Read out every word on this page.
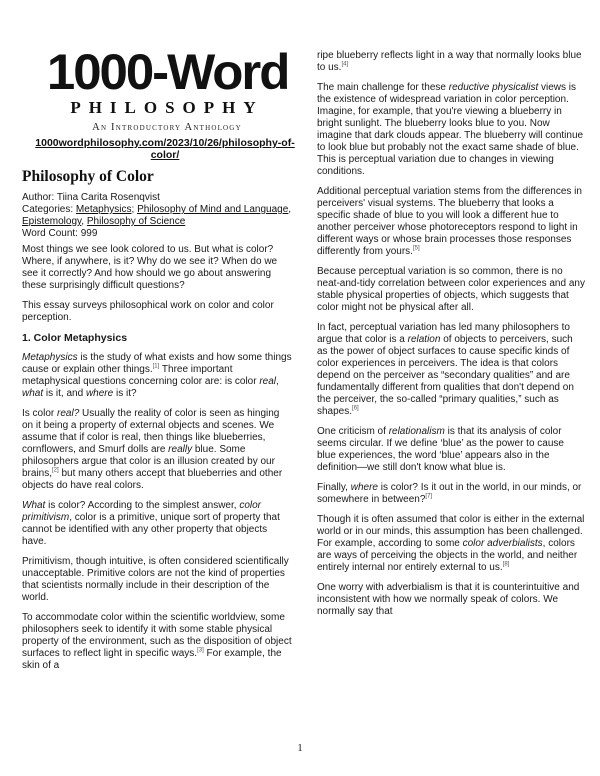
1000-Word
PHILOSOPHY
An Introductory Anthology
1000wordphilosophy.com/2023/10/26/philosophy-of-color/
Philosophy of Color
Author: Tiina Carita Rosenqvist
Categories: Metaphysics; Philosophy of Mind and Language, Epistemology, Philosophy of Science
Word Count: 999

Most things we see look colored to us. But what is color? Where, if anywhere, is it? Why do we see it? When do we see it correctly? And how should we go about answering these surprisingly difficult questions?

This essay surveys philosophical work on color and color perception.

1. Color Metaphysics

Metaphysics is the study of what exists and how some things cause or explain other things.[1] Three important metaphysical questions concerning color are: is color real, what is it, and where is it?

Is color real? Usually the reality of color is seen as hinging on it being a property of external objects and scenes. We assume that if color is real, then things like blueberries, cornflowers, and Smurf dolls are really blue. Some philosophers argue that color is an illusion created by our brains,[2] but many others accept that blueberries and other objects do have real colors.

What is color? According to the simplest answer, color primitivism, color is a primitive, unique sort of property that cannot be identified with any other property that objects have.

Primitivism, though intuitive, is often considered scientifically unacceptable. Primitive colors are not the kind of properties that scientists normally include in their description of the world.

To accommodate color within the scientific worldview, some philosophers seek to identify it with some stable physical property of the environment, such as the disposition of object surfaces to reflect light in specific ways.[3] For example, the skin of a

ripe blueberry reflects light in a way that normally looks blue to us.[4]

The main challenge for these reductive physicalist views is the existence of widespread variation in color perception. Imagine, for example, that you're viewing a blueberry in bright sunlight. The blueberry looks blue to you. Now imagine that dark clouds appear. The blueberry will continue to look blue but probably not the exact same shade of blue. This is perceptual variation due to changes in viewing conditions.

Additional perceptual variation stems from the differences in perceivers' visual systems. The blueberry that looks a specific shade of blue to you will look a different hue to another perceiver whose photoreceptors respond to light in different ways or whose brain processes those responses differently from yours.[5]

Because perceptual variation is so common, there is no neat-and-tidy correlation between color experiences and any stable physical properties of objects, which suggests that color might not be physical after all.

In fact, perceptual variation has led many philosophers to argue that color is a relation of objects to perceivers, such as the power of object surfaces to cause specific kinds of color experiences in perceivers. The idea is that colors depend on the perceiver as “secondary qualities” and are fundamentally different from qualities that don't depend on the perceiver, the so-called “primary qualities,” such as shapes.[6]

One criticism of relationalism is that its analysis of color seems circular. If we define ‘blue’ as the power to cause blue experiences, the word ‘blue’ appears also in the definition—we still don't know what blue is.

Finally, where is color? Is it out in the world, in our minds, or somewhere in between?[7]

Though it is often assumed that color is either in the external world or in our minds, this assumption has been challenged. For example, according to some color adverbialists, colors are ways of perceiving the objects in the world, and neither entirely internal nor entirely external to us.[8]

One worry with adverbialism is that it is counterintuitive and inconsistent with how we normally speak of colors. We normally say that

1
